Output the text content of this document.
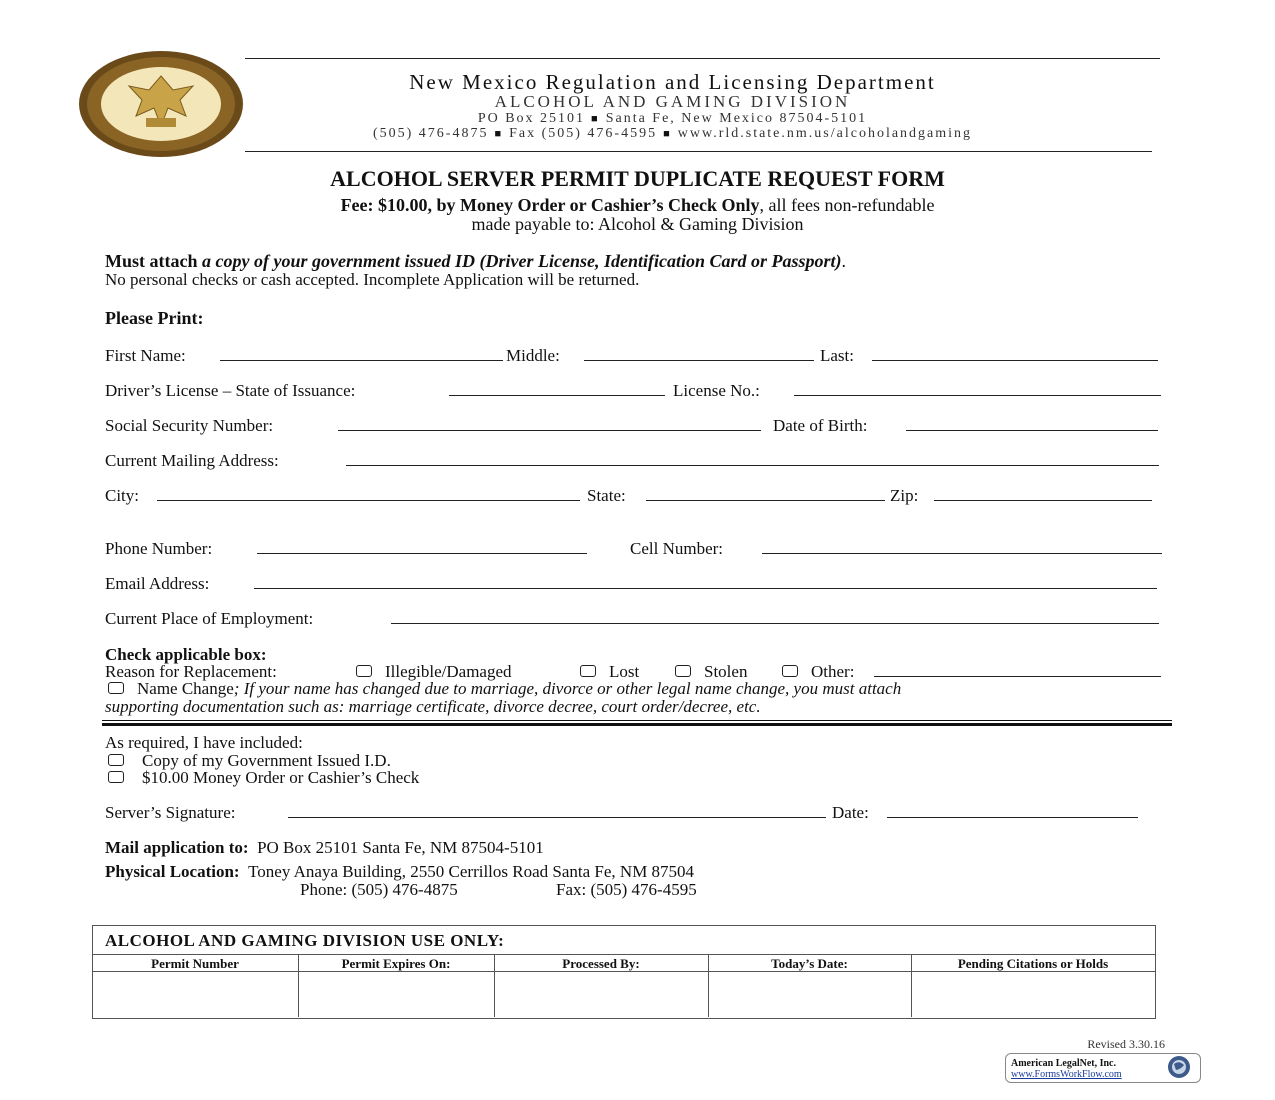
New Mexico Regulation and Licensing Department
ALCOHOL AND GAMING DIVISION
PO Box 25101 ■ Santa Fe, New Mexico 87504-5101
(505) 476-4875 ■ Fax (505) 476-4595 ■ www.rld.state.nm.us/alcoholandgaming
ALCOHOL SERVER PERMIT DUPLICATE REQUEST FORM
Fee: $10.00, by Money Order or Cashier’s Check Only, all fees non-refundable
made payable to: Alcohol & Gaming Division
Must attach a copy of your government issued ID (Driver License, Identification Card or Passport).
No personal checks or cash accepted. Incomplete Application will be returned.
Please Print:
First Name:	Middle:	Last:
Driver’s License – State of Issuance:	License No.:
Social Security Number:	Date of Birth:
Current Mailing Address:
City:	State:	Zip:
Phone Number:	Cell Number:
Email Address:
Current Place of Employment:
Check applicable box:
Reason for Replacement:	Illegible/Damaged	Lost	Stolen	Other:
Name Change; If your name has changed due to marriage, divorce or other legal name change, you must attach
supporting documentation such as: marriage certificate, divorce decree, court order/decree, etc.
As required, I have included:
Copy of my Government Issued I.D.
$10.00 Money Order or Cashier’s Check
Server’s Signature:	Date:
Mail application to: PO Box 25101 Santa Fe, NM 87504-5101
Physical Location: Toney Anaya Building, 2550 Cerrillos Road Santa Fe, NM 87504
Phone: (505) 476-4875	Fax: (505) 476-4595
ALCOHOL AND GAMING DIVISION USE ONLY:
Permit Number	Permit Expires On:	Processed By:	Today’s Date:	Pending Citations or Holds
Revised 3.30.16
American LegalNet, Inc.
www.FormsWorkFlow.com
